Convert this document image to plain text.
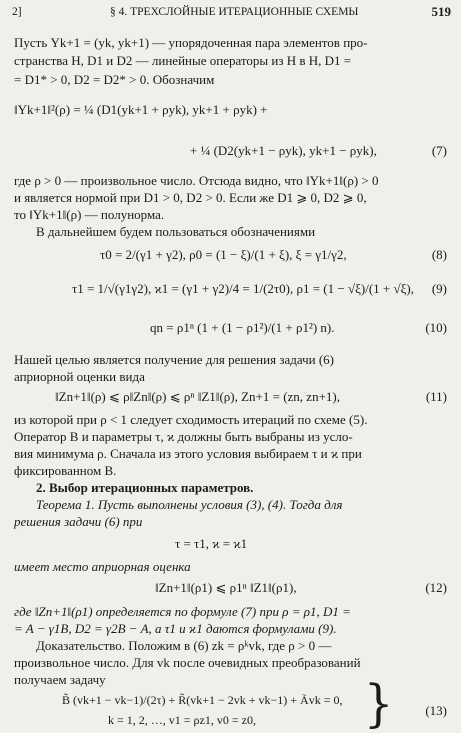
2]	§ 4. ТРЕХСЛОЙНЫЕ ИТЕРАЦИОННЫЕ СХЕМЫ	519
Пусть Yk+1 = (yk, yk+1) — упорядоченная пара элементов про-
странства H, D1 и D2 — линейные операторы из H в H, D1 =
= D1* > 0, D2 = D2* > 0. Обозначим
‖Yk+1‖²(ρ) = ¼ (D1(yk+1 + ρyk), yk+1 + ρyk) +
+ ¼ (D2(yk+1 − ρyk), yk+1 − ρyk),	(7)
где ρ > 0 — произвольное число. Отсюда видно, что ‖Yk+1‖(ρ) > 0
и является нормой при D1 > 0, D2 > 0. Если же D1 ⩾ 0, D2 ⩾ 0,
то ‖Yk+1‖(ρ) — полунорма.
В дальнейшем будем пользоваться обозначениями
τ0 = 2/(γ1 + γ2), ρ0 = (1 − ξ)/(1 + ξ), ξ = γ1/γ2,	(8)
τ1 = 1/√(γ1γ2), ϰ1 = (γ1 + γ2)/4 = 1/(2τ0), ρ1 = (1 − √ξ)/(1 + √ξ), (9)
qn = ρ1ⁿ (1 + (1 − ρ1²)/(1 + ρ1²) n).	(10)
Нашей целью является получение для решения задачи (6)
априорной оценки вида
‖Zn+1‖(ρ) ⩽ ρ‖Zn‖(ρ) ⩽ ρⁿ ‖Z1‖(ρ), Zn+1 = (zn, zn+1),	(11)
из которой при ρ < 1 следует сходимость итераций по схеме (5).
Оператор B и параметры τ, ϰ должны быть выбраны из усло-
вия минимума ρ. Сначала из этого условия выбираем τ и ϰ при
фиксированном B.
2. Выбор итерационных параметров.
Теорема 1. Пусть выполнены условия (3), (4). Тогда для
решения задачи (6) при
τ = τ1, ϰ = ϰ1
имеет место априорная оценка
‖Zn+1‖(ρ1) ⩽ ρ1ⁿ ‖Z1‖(ρ1),	(12)
где ‖Zn+1‖(ρ1) определяется по формуле (7) при ρ = ρ1, D1 =
= A − γ1B, D2 = γ2B − A, а τ1 и ϰ1 даются формулами (9).
Доказательство. Положим в (6) zk = ρᵏvk, где ρ > 0 —
произвольное число. Для vk после очевидных преобразований
получаем задачу
B̃ (vk+1 − vk−1)/(2τ) + R̃(vk+1 − 2vk + vk−1) + Ãvk = 0,
k = 1, 2, …, v1 = ρz1, v0 = z0, } (13)
